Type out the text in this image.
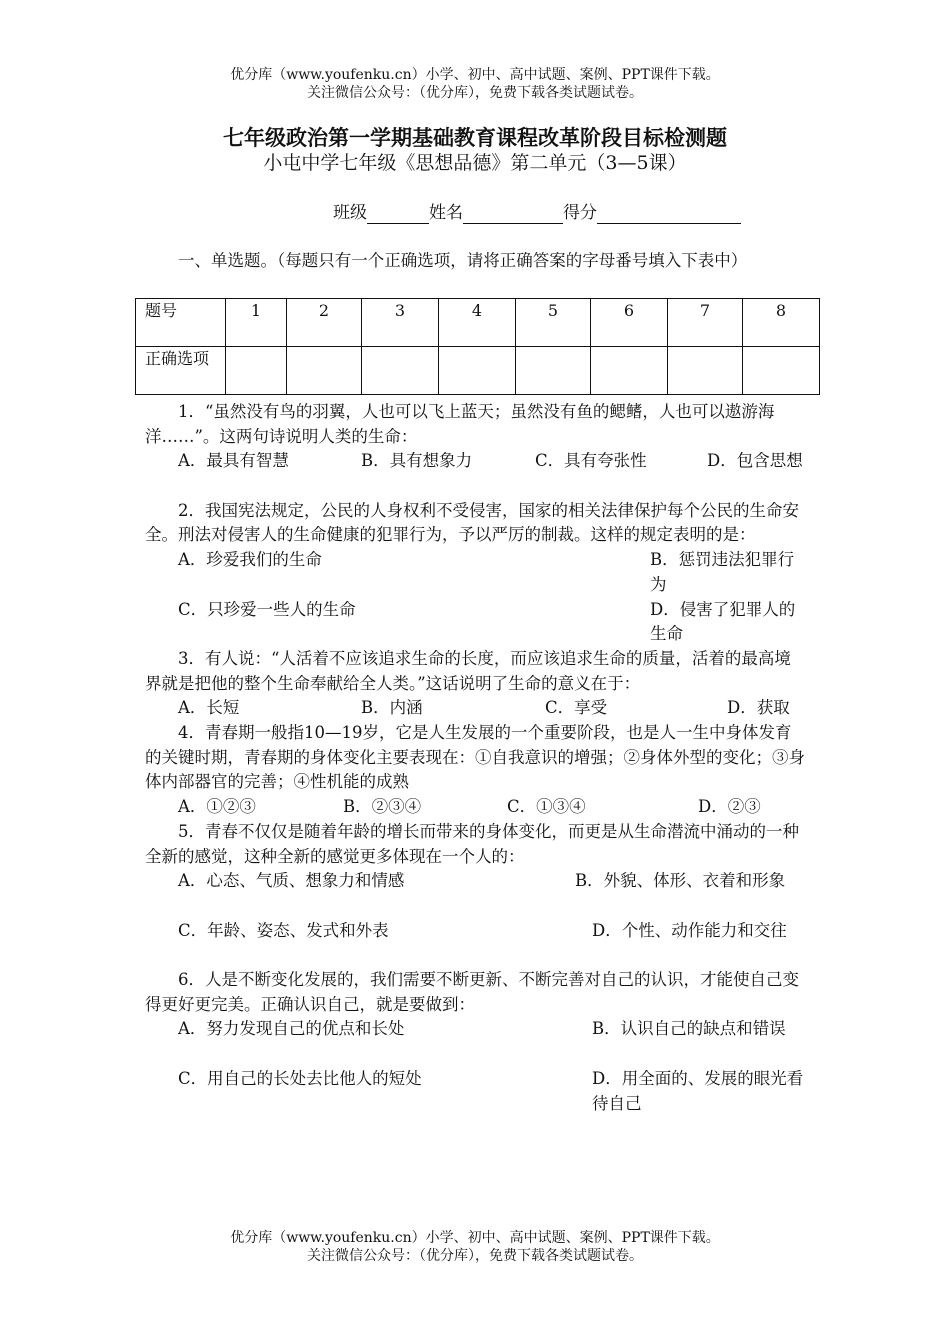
优分库（www.youfenku.cn）小学、初中、高中试题、案例、PPT课件下载。
关注微信公众号：（优分库），免费下载各类试题试卷。
七年级政治第一学期基础教育课程改革阶段目标检测题
小屯中学七年级《思想品德》第二单元（3—5课）
班级	姓名	得分

一、单选题。（每题只有一个正确选项，请将正确答案的字母番号填入下表中）

题号	1	2	3	4	5	6	7	8
正确选项								

1．“虽然没有鸟的羽翼，人也可以飞上蓝天；虽然没有鱼的鳃鳍，人也可以遨游海洋……”。这两句诗说明人类的生命：

A．最具有智慧	B．具有想象力	C．具有夸张性	D．包含思想

2．我国宪法规定，公民的人身权利不受侵害，国家的相关法律保护每个公民的生命安全。刑法对侵害人的生命健康的犯罪行为，予以严厉的制裁。这样的规定表明的是：

A．珍爱我们的生命	B．惩罚违法犯罪行为
C．只珍爱一些人的生命	D．侵害了犯罪人的生命

3．有人说：“人活着不应该追求生命的长度，而应该追求生命的质量，活着的最高境界就是把他的整个生命奉献给全人类。”这话说明了生命的意义在于：

A．长短	B．内涵	C．享受	D．获取

4．青春期一般指10—19岁，它是人生发展的一个重要阶段，也是人一生中身体发育的关键时期，青春期的身体变化主要表现在：①自我意识的增强；②身体外型的变化；③身体内部器官的完善；④性机能的成熟

A．①②③	B．②③④	C．①③④	D．②③

5．青春不仅仅是随着年龄的增长而带来的身体变化，而更是从生命潜流中涌动的一种全新的感觉，这种全新的感觉更多体现在一个人的：

A．心态、气质、想象力和情感	B．外貌、体形、衣着和形象
C．年龄、姿态、发式和外表	D．个性、动作能力和交往

6．人是不断变化发展的，我们需要不断更新、不断完善对自己的认识，才能使自己变得更好更完美。正确认识自己，就是要做到：

A．努力发现自己的优点和长处	B．认识自己的缺点和错误
C．用自己的长处去比他人的短处	D．用全面的、发展的眼光看待自己
优分库（www.youfenku.cn）小学、初中、高中试题、案例、PPT课件下载。
关注微信公众号：（优分库），免费下载各类试题试卷。
